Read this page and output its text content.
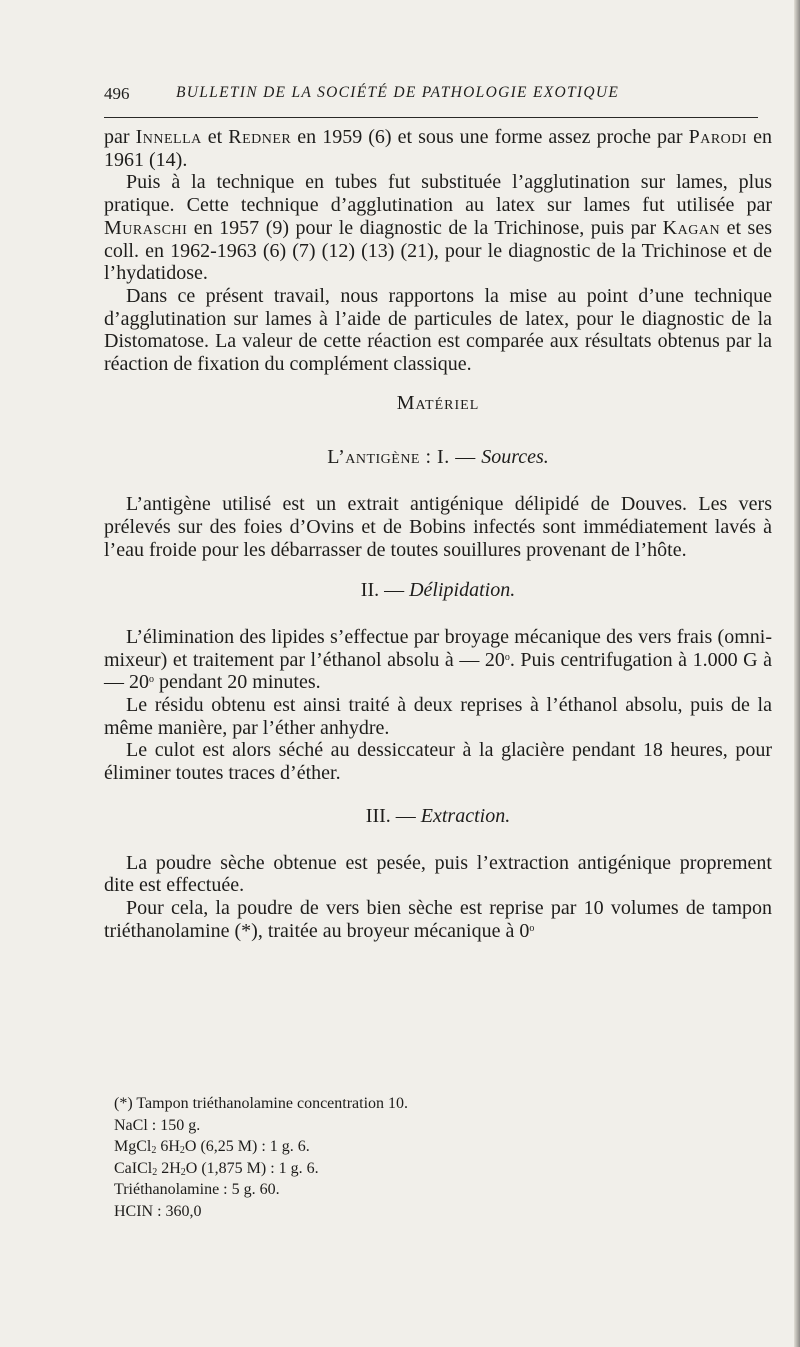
496	BULLETIN DE LA SOCIÉTÉ DE PATHOLOGIE EXOTIQUE

par Innella et Redner en 1959 (6) et sous une forme assez proche par Parodi en 1961 (14).

Puis à la technique en tubes fut substituée l’agglutination sur lames, plus pratique. Cette technique d’agglutination au latex sur lames fut utilisée par Muraschi en 1957 (9) pour le diagnostic de la Trichinose, puis par Kagan et ses coll. en 1962-1963 (6) (7) (12) (13) (21), pour le diagnostic de la Trichinose et de l’hydatidose.

Dans ce présent travail, nous rapportons la mise au point d’une technique d’agglutination sur lames à l’aide de particules de latex, pour le diagnostic de la Distomatose. La valeur de cette réaction est comparée aux résultats obtenus par la réaction de fixation du complément classique.

Matériel

L’antigène : I. — Sources.

L’antigène utilisé est un extrait antigénique délipidé de Douves. Les vers prélevés sur des foies d’Ovins et de Bobins infectés sont immédiatement lavés à l’eau froide pour les débarrasser de toutes souillures provenant de l’hôte.

II. — Délipidation.

L’élimination des lipides s’effectue par broyage mécanique des vers frais (omni-mixeur) et traitement par l’éthanol absolu à — 20$^o$. Puis centrifugation à 1.000 G à — 20$^o$ pendant 20 minutes.

Le résidu obtenu est ainsi traité à deux reprises à l’éthanol absolu, puis de la même manière, par l’éther anhydre.

Le culot est alors séché au dessiccateur à la glacière pendant 18 heures, pour éliminer toutes traces d’éther.

III. — Extraction.

La poudre sèche obtenue est pesée, puis l’extraction antigénique proprement dite est effectuée.

Pour cela, la poudre de vers bien sèche est reprise par 10 volumes de tampon triéthanolamine (*), traitée au broyeur mécanique à 0$^o$

(*) Tampon triéthanolamine concentration 10.
NaCl : 150 g.
MgCl$_2$ $6H_2O$ (6,25 M) : 1 g. 6.
CaICl$_2$ $2H_2O$ (1,875 M) : 1 g. 6.
Triéthanolamine : 5 g. 60.
HCIN : 360,0
